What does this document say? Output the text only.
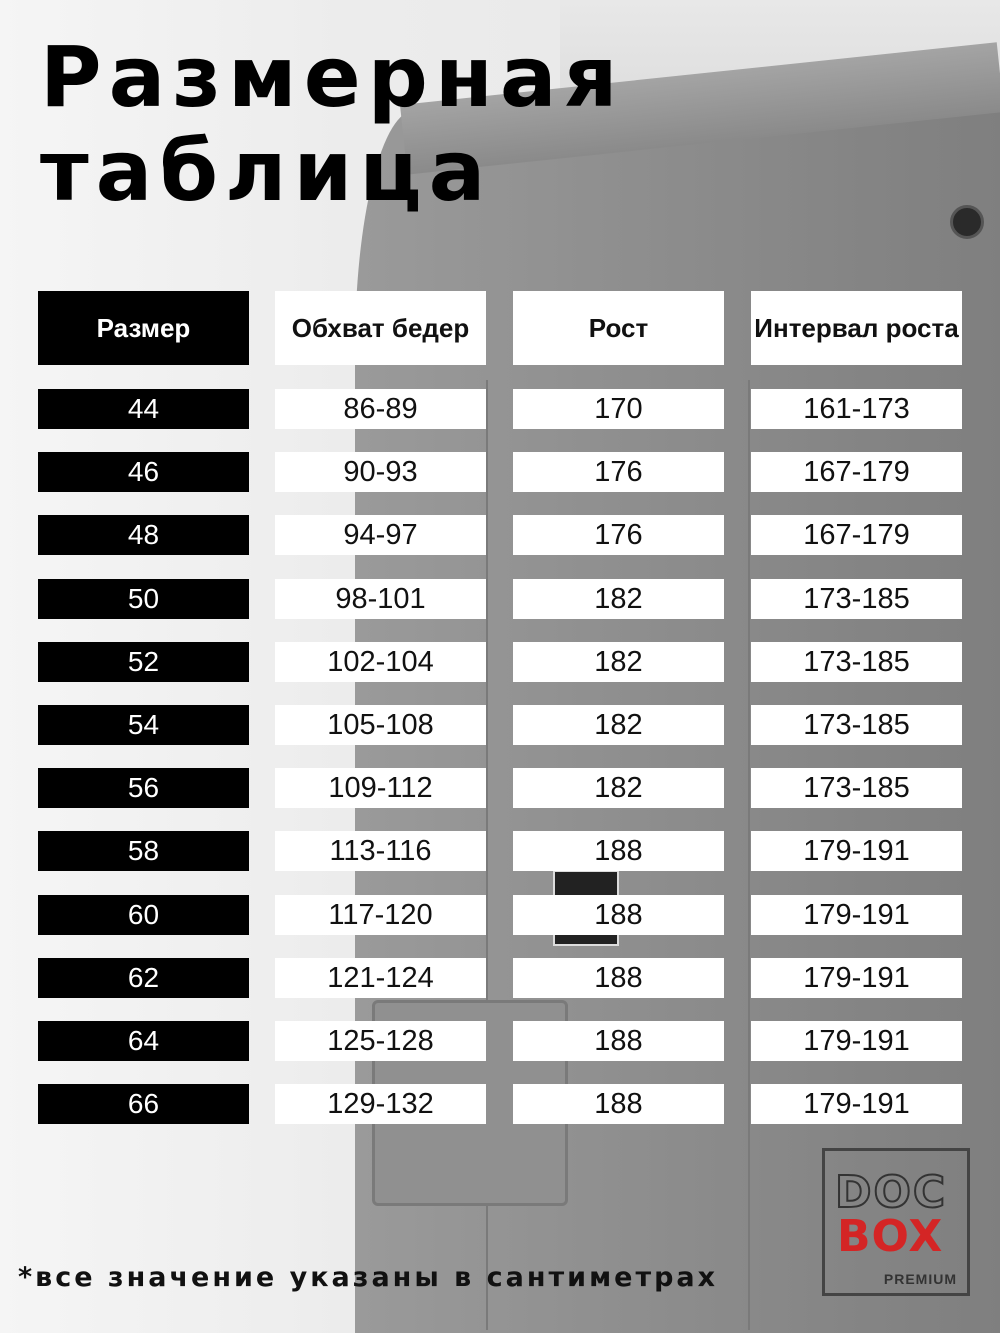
Размерная
таблица
Размер	Обхват бедер	Рост	Интервал роста
44	86-89	170	161-173
46	90-93	176	167-179
48	94-97	176	167-179
50	98-101	182	173-185
52	102-104	182	173-185
54	105-108	182	173-185
56	109-112	182	173-185
58	113-116	188	179-191
60	117-120	188	179-191
62	121-124	188	179-191
64	125-128	188	179-191
66	129-132	188	179-191
*все значение указаны в сантиметрах
DOC
BOX
PREMIUM
